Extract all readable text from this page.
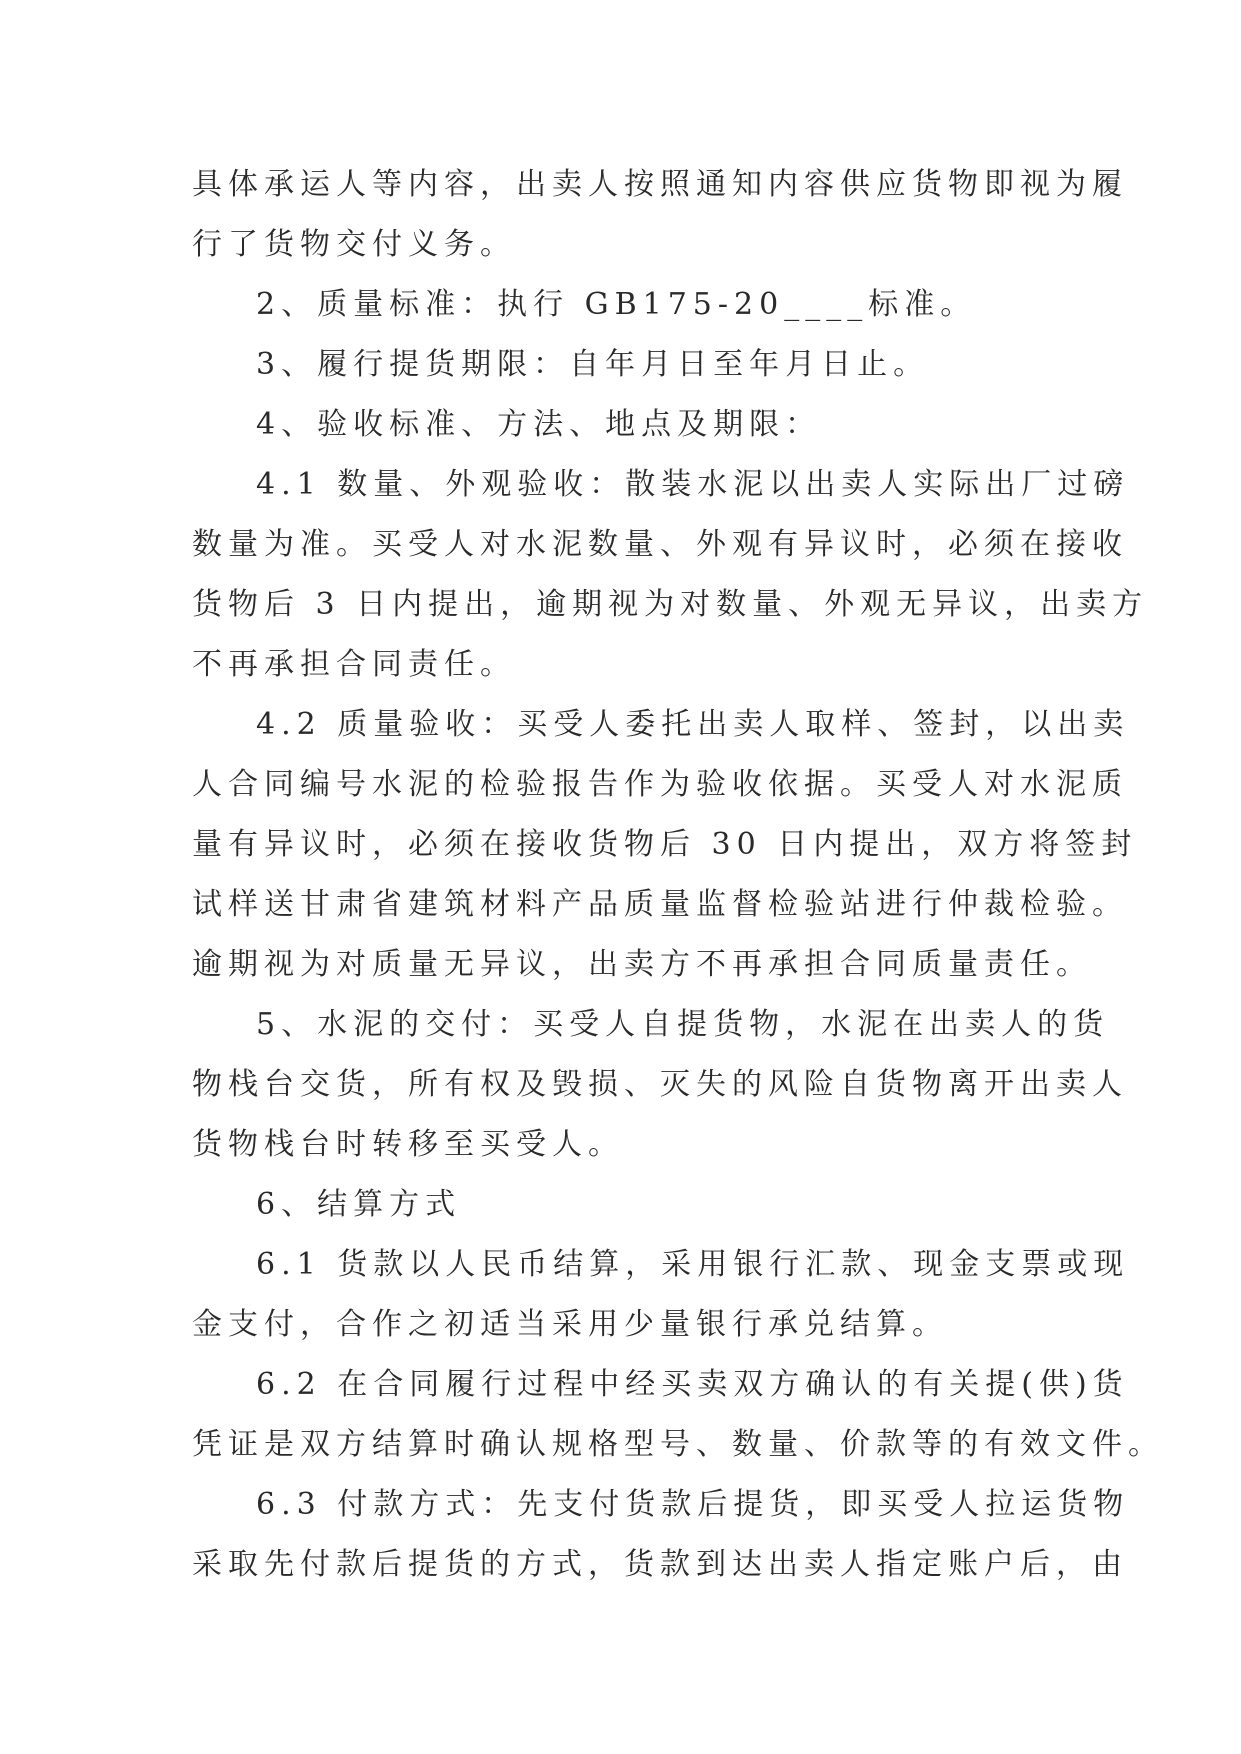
具体承运人等内容，出卖人按照通知内容供应货物即视为履
行了货物交付义务。
2、质量标准：执行 GB175-20____标准。
3、履行提货期限：自年月日至年月日止。
4、验收标准、方法、地点及期限：
4.1 数量、外观验收：散装水泥以出卖人实际出厂过磅
数量为准。买受人对水泥数量、外观有异议时，必须在接收
货物后 3 日内提出，逾期视为对数量、外观无异议，出卖方
不再承担合同责任。
4.2 质量验收：买受人委托出卖人取样、签封，以出卖
人合同编号水泥的检验报告作为验收依据。买受人对水泥质
量有异议时，必须在接收货物后 30 日内提出，双方将签封
试样送甘肃省建筑材料产品质量监督检验站进行仲裁检验。
逾期视为对质量无异议，出卖方不再承担合同质量责任。
5、水泥的交付：买受人自提货物，水泥在出卖人的货
物栈台交货，所有权及毁损、灭失的风险自货物离开出卖人
货物栈台时转移至买受人。
6、结算方式
6.1 货款以人民币结算，采用银行汇款、现金支票或现
金支付，合作之初适当采用少量银行承兑结算。
6.2 在合同履行过程中经买卖双方确认的有关提(供)货
凭证是双方结算时确认规格型号、数量、价款等的有效文件。
6.3 付款方式：先支付货款后提货，即买受人拉运货物
采取先付款后提货的方式，货款到达出卖人指定账户后，由
